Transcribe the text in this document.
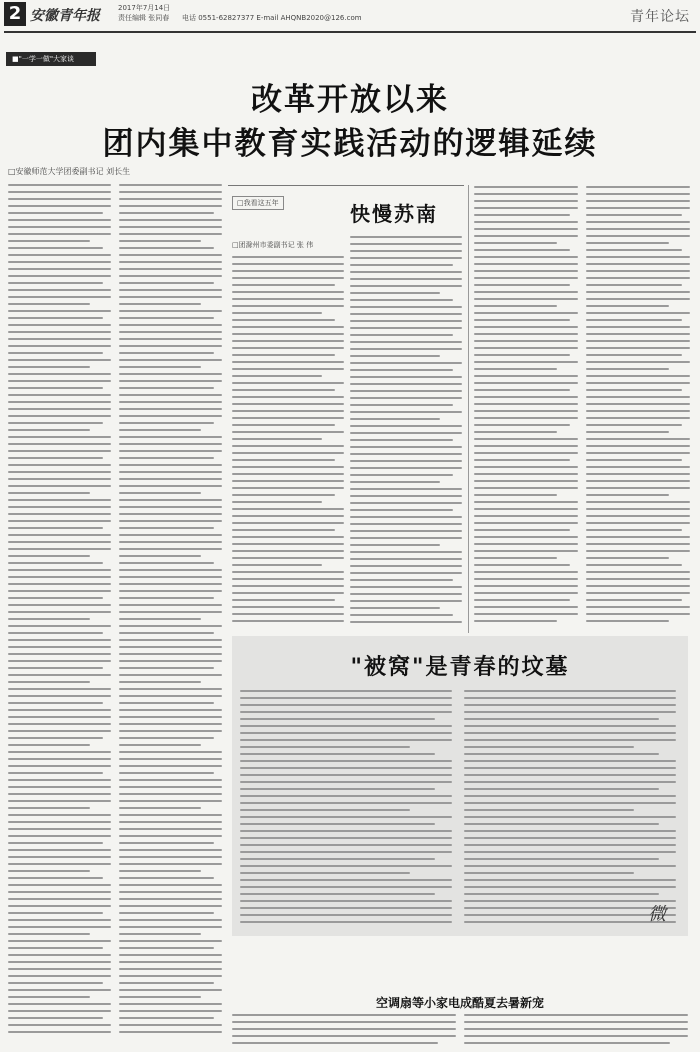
2 安徽青年报	2017年7月14日
责任编辑 张同春 电话 0551-62827377 E-mail AHQNB2020@126.com	青年论坛
■"一学一做"大家谈
改革开放以来
团内集中教育实践活动的逻辑延续
□安徽师范大学团委副书记 刘长生
□我看这五年	快慢苏南
□团滁州市委副书记 张 伟
"被窝"是青春的坟墓
微
空调扇等小家电成酷夏去暑新宠
